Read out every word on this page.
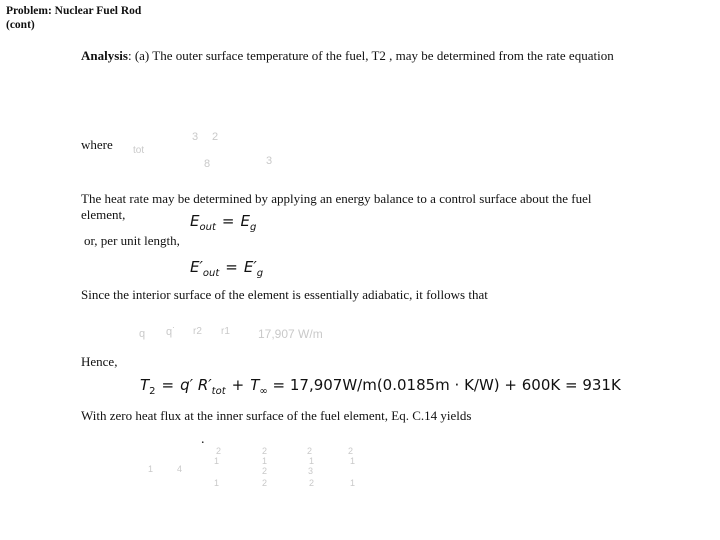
Problem: Nuclear Fuel Rod
(cont)
Analysis: (a) The outer surface temperature of the fuel, T2 , may be determined from the rate equation
where tot
3 2
8	3
The heat rate may be determined by applying an energy balance to a control surface about the fuel
element,	$E_{out} = E_g$
or, per unit length,
$E'_{out} = E'_g$
Since the interior surface of the element is essentially adiabatic, it follows that
q q˙ r2 r1 17,907 W/m
Hence,
$T_2 = q'$ $R'_{tot} + T_\infty = 17,907W/m(0.0185m \cdot K/W) + 600K = 931K$
With zero heat flux at the inner surface of the fuel element, Eq. C.14 yields
.
2	2	2	2
1	1	1	1
1	4	2	3
1	2	2	1
